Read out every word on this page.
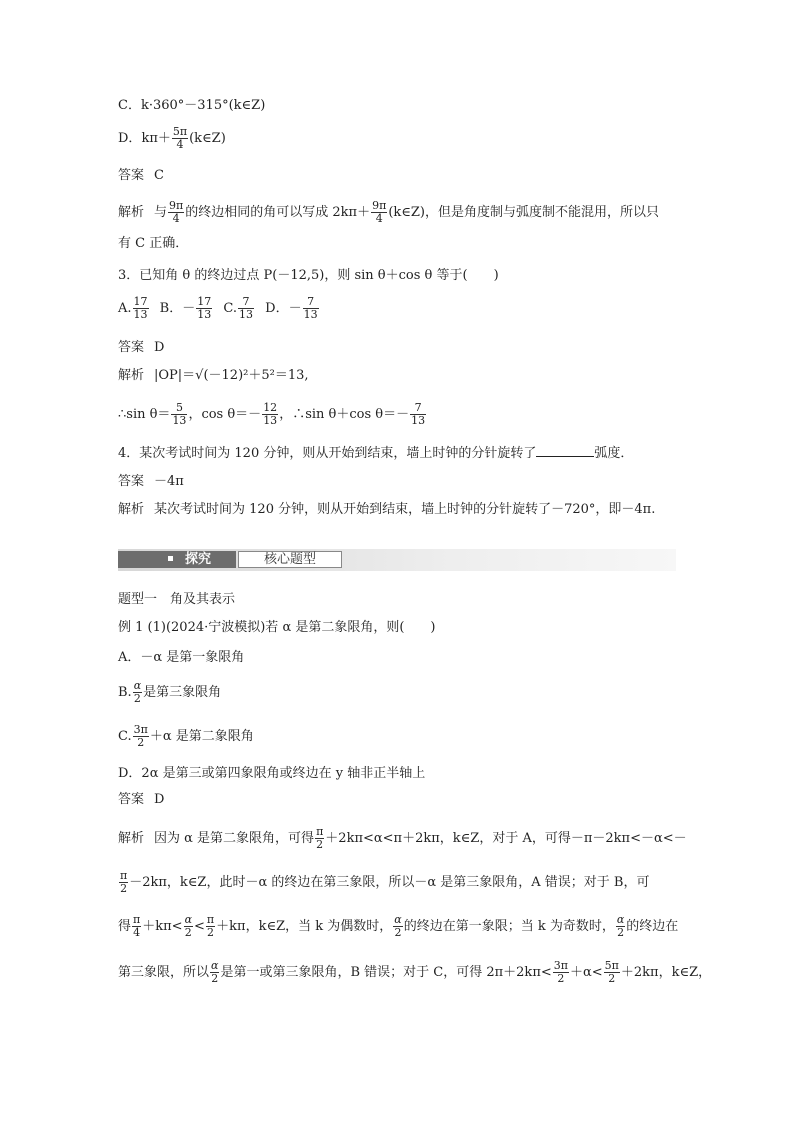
C．k·360°－315°(k∈Z)
D．$k\pi+ \frac{5\pi}{4}$ (k∈Z)
答案 C
解析 与 $\frac{9\pi}{4}$ 的终边相同的角可以写成 $2k\pi+ \frac{9\pi}{4}$ (k∈Z)，但是角度制与弧度制不能混用，所以只
有 C 正确．
3．已知角 θ 的终边过点 P(－12,5)，则 sin θ＋cos θ 等于(　　)
A. $\frac{17}{13}$ B．－ $\frac{17}{13} C$. $\frac{7}{13}$ D．－ $\frac{7}{13}$
答案 D
解析 |OP|＝√(－12)²＋5²＝13,
∴sin $\theta= \frac{5}{13}$ ，$\cos \theta=- \frac{12}{13}$ ，∴sin θ＋cos $\theta=- \frac{7}{13}$
4．某次考试时间为 120 分钟，则从开始到结束，墙上时钟的分针旋转了	弧度．
答案 －4π
解析 某次考试时间为 120 分钟，则从开始到结束，墙上时钟的分针旋转了－720°，即－4π.
探究	核心题型
题型一　角及其表示
例 1 (1)(2024·宁波模拟)若 α 是第二象限角，则(　　)
A．－α 是第一象限角
B. $\frac{\alpha}{2}$ 是第三象限角
C. $\frac{3\pi}{2} +\alpha$ 是第二象限角
D．2α 是第三或第四象限角或终边在 y 轴非正半轴上
答案 D
解析 因为 α 是第二象限角，可得 $\frac{\pi}{2} +2k\pi<\alpha<\pi+2k\pi$，k∈Z，对于 A，可得－π－2kπ<－α<－
$\frac{\pi}{2} -2k\pi$，k∈Z，此时－α 的终边在第三象限，所以－α 是第三象限角，A 错误；对于 B，可
得 $\frac{\pi}{4} +k\pi< \frac{\alpha}{2} < \frac{\pi}{2} +k\pi$，k∈Z，当 k 为偶数时， $\frac{\alpha}{2}$ 的终边在第一象限；当 k 为奇数时， $\frac{\alpha}{2}$ 的终边在
第三象限，所以 $\frac{\alpha}{2}$ 是第一或第三象限角，B 错误；对于 C，可得 $2\pi+2k\pi< \frac{3\pi}{2} +\alpha< \frac{5\pi}{2} +2k\pi$，k∈Z，
